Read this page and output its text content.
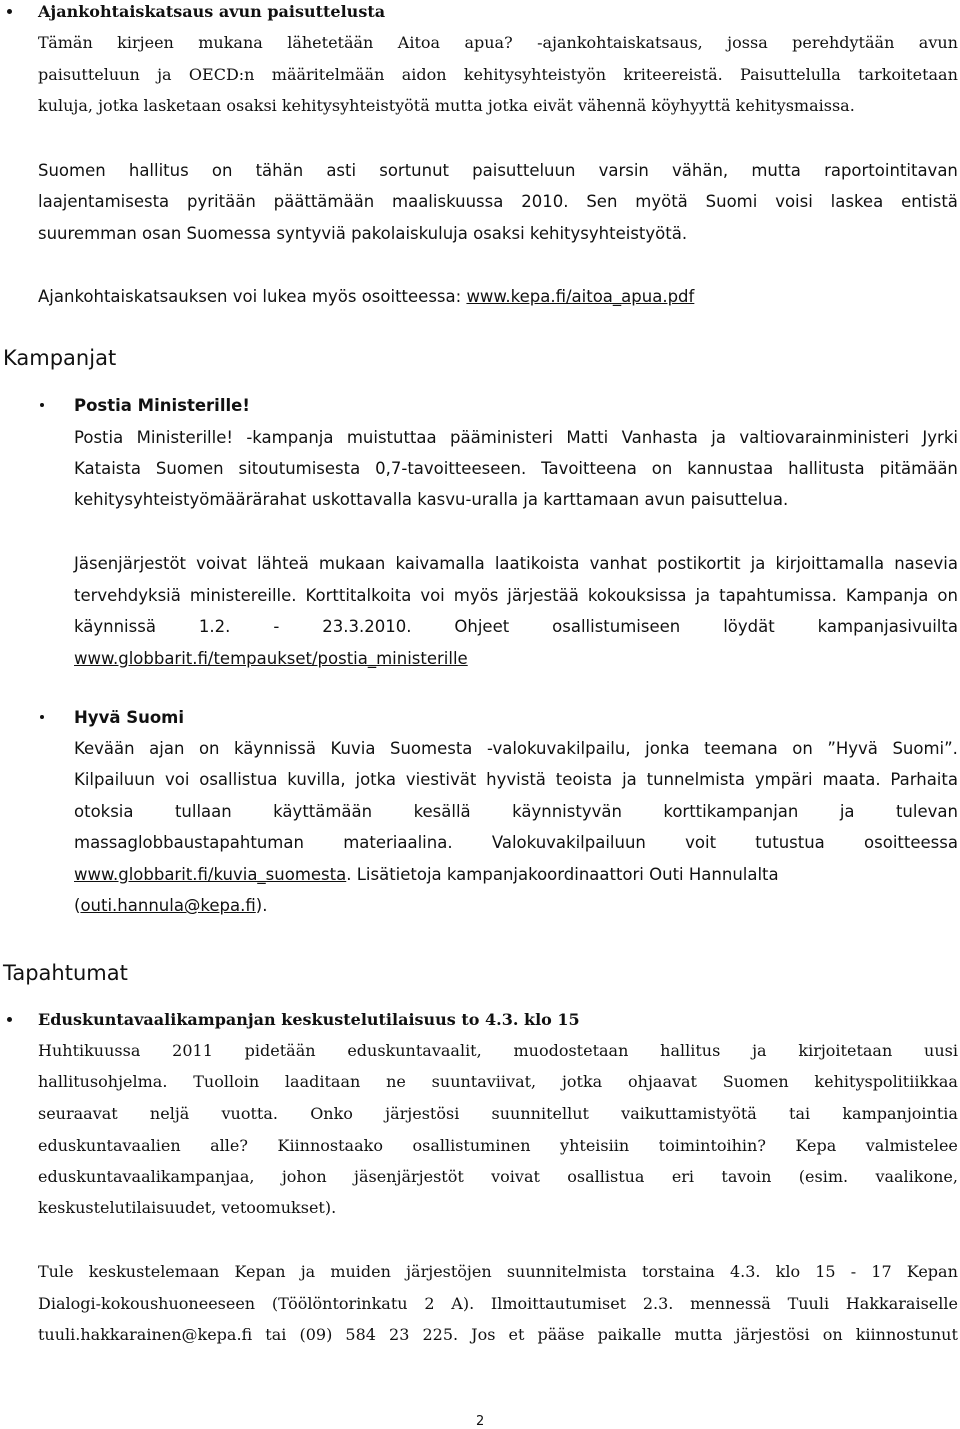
Ajankohtaiskatsaus avun paisuttelusta
Tämän kirjeen mukana lähetetään Aitoa apua? -ajankohtaiskatsaus, jossa perehdytään avun
paisutteluun ja OECD:n määritelmään aidon kehitysyhteistyön kriteereistä. Paisuttelulla tarkoitetaan
kuluja, jotka lasketaan osaksi kehitysyhteistyötä mutta jotka eivät vähennä köyhyyttä kehitysmaissa.
Suomen hallitus on tähän asti sortunut paisutteluun varsin vähän, mutta raportointitavan
laajentamisesta pyritään päättämään maaliskuussa 2010. Sen myötä Suomi voisi laskea entistä
suuremman osan Suomessa syntyviä pakolaiskuluja osaksi kehitysyhteistyötä.
Ajankohtaiskatsauksen voi lukea myös osoitteessa: www.kepa.fi/aitoa_apua.pdf
Kampanjat
Postia Ministerille!
Postia Ministerille! -kampanja muistuttaa pääministeri Matti Vanhasta ja valtiovarainministeri Jyrki
Kataista Suomen sitoutumisesta 0,7-tavoitteeseen. Tavoitteena on kannustaa hallitusta pitämään
kehitysyhteistyömäärärahat uskottavalla kasvu-uralla ja karttamaan avun paisuttelua.
Jäsenjärjestöt voivat lähteä mukaan kaivamalla laatikoista vanhat postikortit ja kirjoittamalla nasevia
tervehdyksiä ministereille. Korttitalkoita voi myös järjestää kokouksissa ja tapahtumissa. Kampanja on
käynnissä	1.2.	-	23.3.2010.	Ohjeet	osallistumiseen	löydät	kampanjasivuilta
www.globbarit.fi/tempaukset/postia_ministerille
Hyvä Suomi
Kevään ajan on käynnissä Kuvia Suomesta -valokuvakilpailu, jonka teemana on ”Hyvä Suomi”.
Kilpailuun voi osallistua kuvilla, jotka viestivät hyvistä teoista ja tunnelmista ympäri maata. Parhaita
otoksia	tullaan	käyttämään	kesällä	käynnistyvän	korttikampanjan	ja	tulevan
massaglobbaustapahtuman materiaalina. Valokuvakilpailuun voit tutustua osoitteessa
www.globbarit.fi/kuvia_suomesta. Lisätietoja kampanjakoordinaattori Outi Hannulalta
(outi.hannula@kepa.fi).
Tapahtumat
Eduskuntavaalikampanjan keskustelutilaisuus to 4.3. klo 15
Huhtikuussa 2011 pidetään eduskuntavaalit, muodostetaan hallitus ja kirjoitetaan uusi
hallitusohjelma. Tuolloin laaditaan ne suuntaviivat, jotka ohjaavat Suomen kehityspolitiikkaa
seuraavat neljä vuotta. Onko järjestösi suunnitellut vaikuttamistyötä tai kampanjointia
eduskuntavaalien alle? Kiinnostaako osallistuminen yhteisiin toimintoihin? Kepa valmistelee
eduskuntavaalikampanjaa, johon jäsenjärjestöt voivat osallistua eri tavoin (esim. vaalikone,
keskustelutilaisuudet, vetoomukset).
Tule keskustelemaan Kepan ja muiden järjestöjen suunnitelmista torstaina 4.3. klo 15 - 17 Kepan
Dialogi-kokoushuoneeseen (Töölöntorinkatu 2 A). Ilmoittautumiset 2.3. mennessä Tuuli Hakkaraiselle
tuuli.hakkarainen@kepa.fi tai (09) 584 23 225. Jos et pääse paikalle mutta järjestösi on kiinnostunut
2
